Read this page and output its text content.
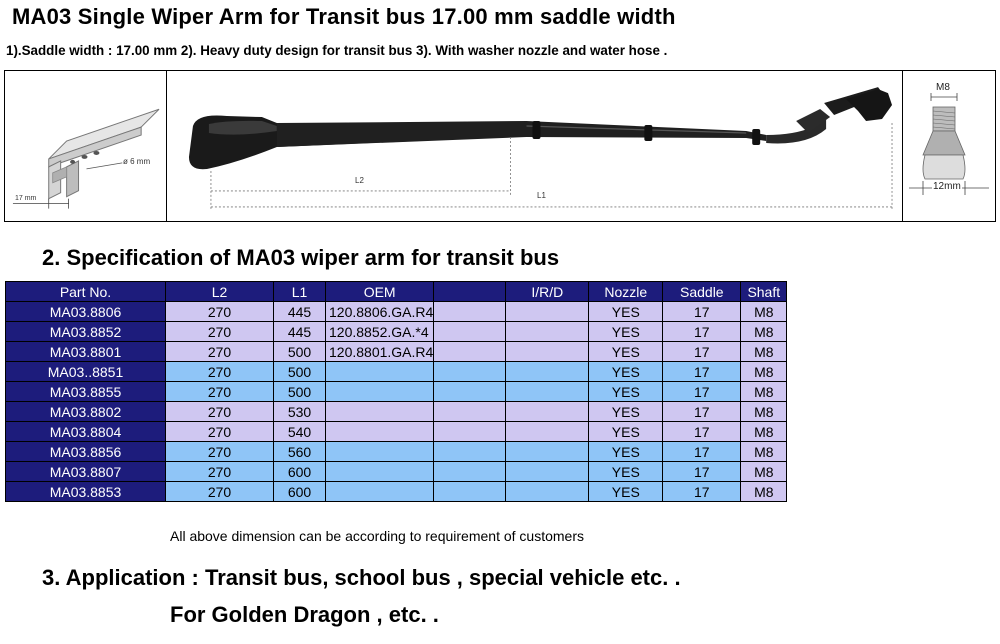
MA03 Single Wiper Arm for Transit bus 17.00 mm saddle width
1).Saddle width : 17.00 mm 2). Heavy duty design for transit bus 3). With washer nozzle and water hose .
ø 6 mm
17 mm
L2
L1
M8
12mm
2. Specification of MA03 wiper arm for transit bus
Part No.	L2	L1	OEM		I/R/D	Nozzle	Saddle	Shaft
MA03.8806	270	445	120.8806.GA.R4			YES	17	M8
MA03.8852	270	445	120.8852.GA.*4			YES	17	M8
MA03.8801	270	500	120.8801.GA.R4			YES	17	M8
MA03..8851	270	500				YES	17	M8
MA03.8855	270	500				YES	17	M8
MA03.8802	270	530				YES	17	M8
MA03.8804	270	540				YES	17	M8
MA03.8856	270	560				YES	17	M8
MA03.8807	270	600				YES	17	M8
MA03.8853	270	600				YES	17	M8
All above dimension can be according to requirement of customers
3. Application : Transit bus, school bus , special vehicle etc. .
For Golden Dragon , etc. .
